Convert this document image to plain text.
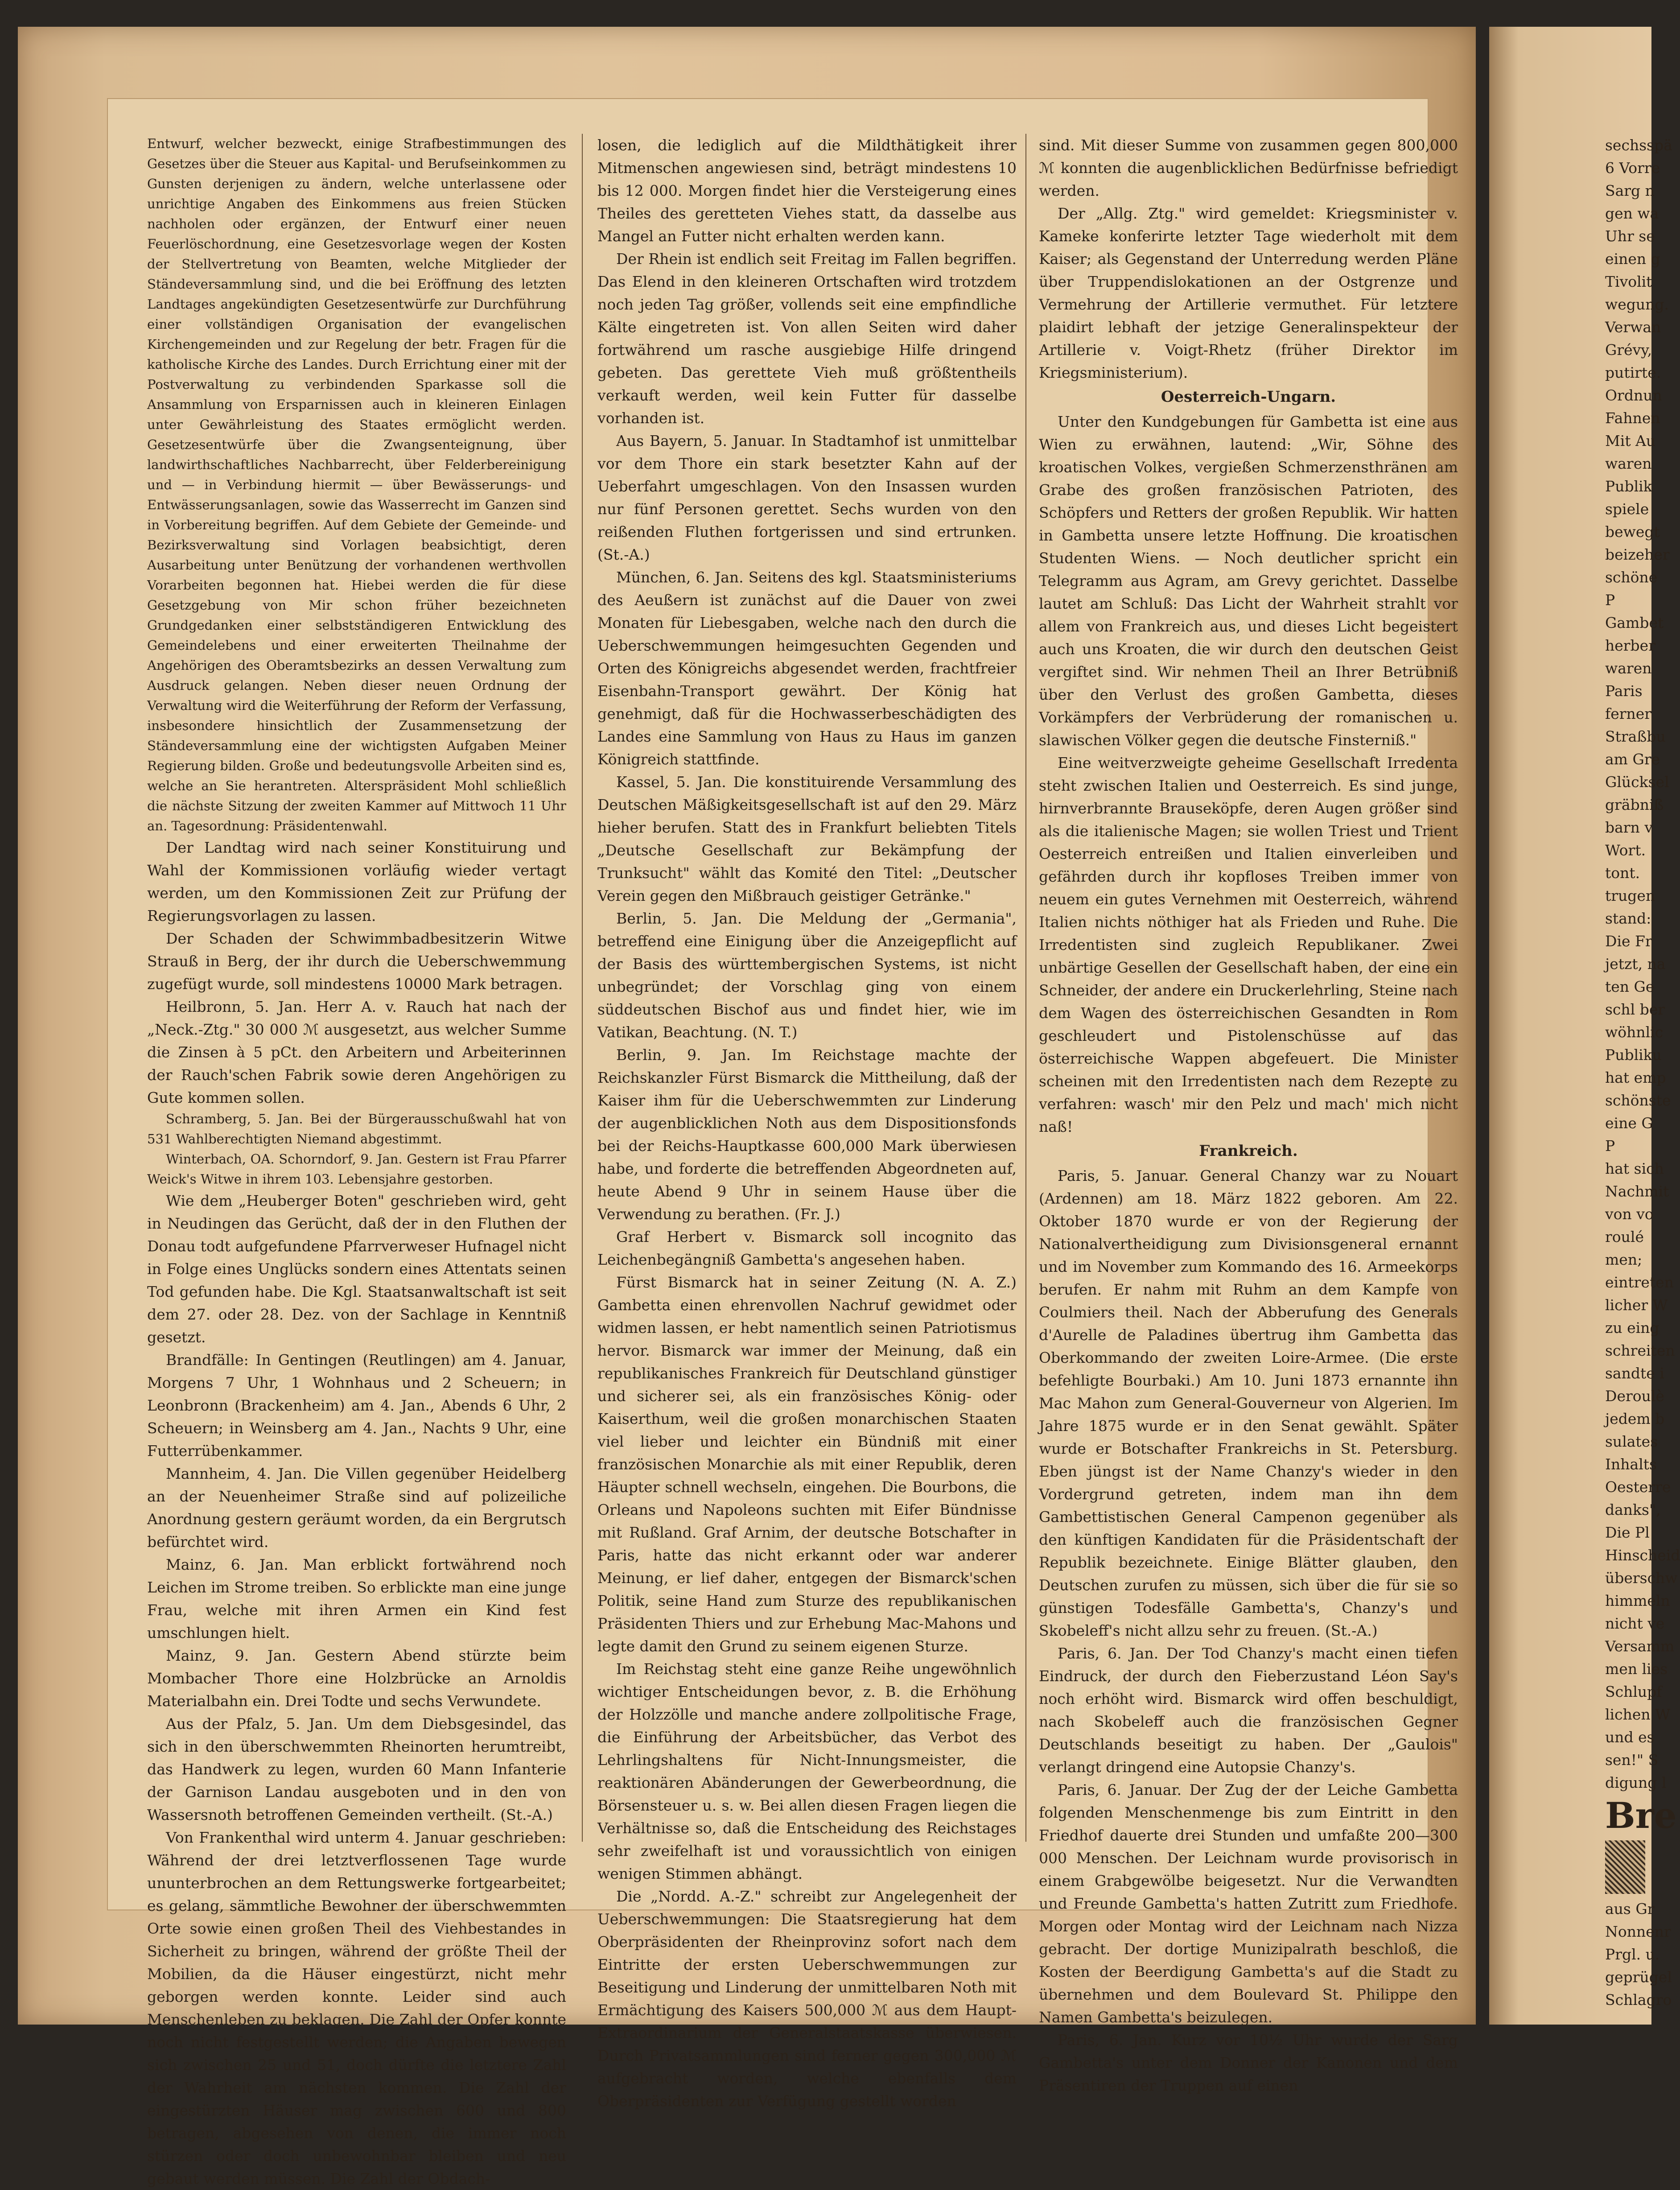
Entwurf, welcher bezweckt, einige Strafbestimmungen des Gesetzes über die Steuer aus Kapital- und Berufseinkommen zu Gunsten derjenigen zu ändern, welche unterlassene oder unrichtige Angaben des Einkommens aus freien Stücken nachholen oder ergänzen, der Entwurf einer neuen Feuerlöschordnung, eine Gesetzesvorlage wegen der Kosten der Stellvertretung von Beamten, welche Mitglieder der Ständeversammlung sind, und die bei Eröffnung des letzten Landtages angekündigten Gesetzesentwürfe zur Durchführung einer vollständigen Organisation der evangelischen Kirchengemeinden und zur Regelung der betr. Fragen für die katholische Kirche des Landes. Durch Errichtung einer mit der Postverwaltung zu verbindenden Sparkasse soll die Ansammlung von Ersparnissen auch in kleineren Einlagen unter Gewährleistung des Staates ermöglicht werden. Gesetzesentwürfe über die Zwangsenteignung, über landwirthschaftliches Nachbarrecht, über Felderbereinigung und — in Verbindung hiermit — über Bewässerungs- und Entwässerungsanlagen, sowie das Wasserrecht im Ganzen sind in Vorbereitung begriffen. Auf dem Gebiete der Gemeinde- und Bezirksverwaltung sind Vorlagen beabsichtigt, deren Ausarbeitung unter Benützung der vorhandenen werthvollen Vorarbeiten begonnen hat. Hiebei werden die für diese Gesetzgebung von Mir schon früher bezeichneten Grundgedanken einer selbstständigeren Entwicklung des Gemeindelebens und einer erweiterten Theilnahme der Angehörigen des Oberamtsbezirks an dessen Verwaltung zum Ausdruck gelangen. Neben dieser neuen Ordnung der Verwaltung wird die Weiterführung der Reform der Verfassung, insbesondere hinsichtlich der Zusammensetzung der Ständeversammlung eine der wichtigsten Aufgaben Meiner Regierung bilden. Große und bedeutungsvolle Arbeiten sind es, welche an Sie herantreten. Alterspräsident Mohl schließlich die nächste Sitzung der zweiten Kammer auf Mittwoch 11 Uhr an. Tagesordnung: Präsidentenwahl.

Der Landtag wird nach seiner Konstituirung und Wahl der Kommissionen vorläufig wieder vertagt werden, um den Kommissionen Zeit zur Prüfung der Regierungsvorlagen zu lassen.

Der Schaden der Schwimmbadbesitzerin Witwe Strauß in Berg, der ihr durch die Ueberschwemmung zugefügt wurde, soll mindestens 10000 Mark betragen.

Heilbronn, 5. Jan. Herr A. v. Rauch hat nach der „Neck.-Ztg." 30 000 ℳ ausgesetzt, aus welcher Summe die Zinsen à 5 pCt. den Arbeitern und Arbeiterinnen der Rauch'schen Fabrik sowie deren Angehörigen zu Gute kommen sollen.

Schramberg, 5. Jan. Bei der Bürgerausschußwahl hat von 531 Wahlberechtigten Niemand abgestimmt.

Winterbach, OA. Schorndorf, 9. Jan. Gestern ist Frau Pfarrer Weick's Witwe in ihrem 103. Lebensjahre gestorben.

Wie dem „Heuberger Boten" geschrieben wird, geht in Neudingen das Gerücht, daß der in den Fluthen der Donau todt aufgefundene Pfarrverweser Hufnagel nicht in Folge eines Unglücks sondern eines Attentats seinen Tod gefunden habe. Die Kgl. Staatsanwaltschaft ist seit dem 27. oder 28. Dez. von der Sachlage in Kenntniß gesetzt.

Brandfälle: In Gentingen (Reutlingen) am 4. Januar, Morgens 7 Uhr, 1 Wohnhaus und 2 Scheuern; in Leonbronn (Brackenheim) am 4. Jan., Abends 6 Uhr, 2 Scheuern; in Weinsberg am 4. Jan., Nachts 9 Uhr, eine Futterrübenkammer.

Mannheim, 4. Jan. Die Villen gegenüber Heidelberg an der Neuenheimer Straße sind auf polizeiliche Anordnung gestern geräumt worden, da ein Bergrutsch befürchtet wird.

Mainz, 6. Jan. Man erblickt fortwährend noch Leichen im Strome treiben. So erblickte man eine junge Frau, welche mit ihren Armen ein Kind fest umschlungen hielt.

Mainz, 9. Jan. Gestern Abend stürzte beim Mombacher Thore eine Holzbrücke an Arnoldis Materialbahn ein. Drei Todte und sechs Verwundete.

Aus der Pfalz, 5. Jan. Um dem Diebsgesindel, das sich in den überschwemmten Rheinorten herumtreibt, das Handwerk zu legen, wurden 60 Mann Infanterie der Garnison Landau ausgeboten und in den von Wassersnoth betroffenen Gemeinden vertheilt. (St.-A.)

Von Frankenthal wird unterm 4. Januar geschrieben: Während der drei letztverflossenen Tage wurde ununterbrochen an dem Rettungswerke fortgearbeitet; es gelang, sämmtliche Bewohner der überschwemmten Orte sowie einen großen Theil des Viehbestandes in Sicherheit zu bringen, während der größte Theil der Mobilien, da die Häuser eingestürzt, nicht mehr geborgen werden konnte. Leider sind auch Menschenleben zu beklagen. Die Zahl der Opfer konnte noch nicht festgestellt werden; die Angaben bewegen sich zwischen 25 und 51, doch dürfte die letztere Zahl der Wahrheit am nächsten kommen. Die Zahl der eingestürzten Häuser mag zwischen 600 und 800 betragen, abgesehen von denen, die immer noch stürzen oder doch unbewohnbar bleiben und neu gebaut werden müssen. Die Zahl der Obdach-

losen, die lediglich auf die Mildthätigkeit ihrer Mitmenschen angewiesen sind, beträgt mindestens 10 bis 12 000. Morgen findet hier die Versteigerung eines Theiles des geretteten Viehes statt, da dasselbe aus Mangel an Futter nicht erhalten werden kann.

Der Rhein ist endlich seit Freitag im Fallen begriffen. Das Elend in den kleineren Ortschaften wird trotzdem noch jeden Tag größer, vollends seit eine empfindliche Kälte eingetreten ist. Von allen Seiten wird daher fortwährend um rasche ausgiebige Hilfe dringend gebeten. Das gerettete Vieh muß größtentheils verkauft werden, weil kein Futter für dasselbe vorhanden ist.

Aus Bayern, 5. Januar. In Stadtamhof ist unmittelbar vor dem Thore ein stark besetzter Kahn auf der Ueberfahrt umgeschlagen. Von den Insassen wurden nur fünf Personen gerettet. Sechs wurden von den reißenden Fluthen fortgerissen und sind ertrunken. (St.-A.)

München, 6. Jan. Seitens des kgl. Staatsministeriums des Aeußern ist zunächst auf die Dauer von zwei Monaten für Liebesgaben, welche nach den durch die Ueberschwemmungen heimgesuchten Gegenden und Orten des Königreichs abgesendet werden, frachtfreier Eisenbahn-Transport gewährt. Der König hat genehmigt, daß für die Hochwasserbeschädigten des Landes eine Sammlung von Haus zu Haus im ganzen Königreich stattfinde.

Kassel, 5. Jan. Die konstituirende Versammlung des Deutschen Mäßigkeitsgesellschaft ist auf den 29. März hieher berufen. Statt des in Frankfurt beliebten Titels „Deutsche Gesellschaft zur Bekämpfung der Trunksucht" wählt das Komité den Titel: „Deutscher Verein gegen den Mißbrauch geistiger Getränke."

Berlin, 5. Jan. Die Meldung der „Germania", betreffend eine Einigung über die Anzeigepflicht auf der Basis des württembergischen Systems, ist nicht unbegründet; der Vorschlag ging von einem süddeutschen Bischof aus und findet hier, wie im Vatikan, Beachtung. (N. T.)

Berlin, 9. Jan. Im Reichstage machte der Reichskanzler Fürst Bismarck die Mittheilung, daß der Kaiser ihm für die Ueberschwemmten zur Linderung der augenblicklichen Noth aus dem Dispositionsfonds bei der Reichs-Hauptkasse 600,000 Mark überwiesen habe, und forderte die betreffenden Abgeordneten auf, heute Abend 9 Uhr in seinem Hause über die Verwendung zu berathen. (Fr. J.)

Graf Herbert v. Bismarck soll incognito das Leichenbegängniß Gambetta's angesehen haben.

Fürst Bismarck hat in seiner Zeitung (N. A. Z.) Gambetta einen ehrenvollen Nachruf gewidmet oder widmen lassen, er hebt namentlich seinen Patriotismus hervor. Bismarck war immer der Meinung, daß ein republikanisches Frankreich für Deutschland günstiger und sicherer sei, als ein französisches König- oder Kaiserthum, weil die großen monarchischen Staaten viel lieber und leichter ein Bündniß mit einer französischen Monarchie als mit einer Republik, deren Häupter schnell wechseln, eingehen. Die Bourbons, die Orleans und Napoleons suchten mit Eifer Bündnisse mit Rußland. Graf Arnim, der deutsche Botschafter in Paris, hatte das nicht erkannt oder war anderer Meinung, er lief daher, entgegen der Bismarck'schen Politik, seine Hand zum Sturze des republikanischen Präsidenten Thiers und zur Erhebung Mac-Mahons und legte damit den Grund zu seinem eigenen Sturze.

Im Reichstag steht eine ganze Reihe ungewöhnlich wichtiger Entscheidungen bevor, z. B. die Erhöhung der Holzzölle und manche andere zollpolitische Frage, die Einführung der Arbeitsbücher, das Verbot des Lehrlingshaltens für Nicht-Innungsmeister, die reaktionären Abänderungen der Gewerbeordnung, die Börsensteuer u. s. w. Bei allen diesen Fragen liegen die Verhältnisse so, daß die Entscheidung des Reichstages sehr zweifelhaft ist und voraussichtlich von einigen wenigen Stimmen abhängt.

Die „Nordd. A.-Z." schreibt zur Angelegenheit der Ueberschwemmungen: Die Staatsregierung hat dem Oberpräsidenten der Rheinprovinz sofort nach dem Eintritte der ersten Ueberschwemmungen zur Beseitigung und Linderung der unmittelbaren Noth mit Ermächtigung des Kaisers 500,000 ℳ aus dem Haupt-Extraordinarium der Generalstaatskasse überwiesen. Durch Privatsammlungen sind ferner gegen 300,000 ℳ aufgebracht worden, welche ebenfalls dem Oberpräsidenten zur Verfügung gestellt worden

sind. Mit dieser Summe von zusammen gegen 800,000 ℳ konnten die augenblicklichen Bedürfnisse befriedigt werden.

Der „Allg. Ztg." wird gemeldet: Kriegsminister v. Kameke konferirte letzter Tage wiederholt mit dem Kaiser; als Gegenstand der Unterredung werden Pläne über Truppendislokationen an der Ostgrenze und Vermehrung der Artillerie vermuthet. Für letztere plaidirt lebhaft der jetzige Generalinspekteur der Artillerie v. Voigt-Rhetz (früher Direktor im Kriegsministerium).

Oesterreich-Ungarn.

Unter den Kundgebungen für Gambetta ist eine aus Wien zu erwähnen, lautend: „Wir, Söhne des kroatischen Volkes, vergießen Schmerzensthränen am Grabe des großen französischen Patrioten, des Schöpfers und Retters der großen Republik. Wir hatten in Gambetta unsere letzte Hoffnung. Die kroatischen Studenten Wiens. — Noch deutlicher spricht ein Telegramm aus Agram, am Grevy gerichtet. Dasselbe lautet am Schluß: Das Licht der Wahrheit strahlt vor allem von Frankreich aus, und dieses Licht begeistert auch uns Kroaten, die wir durch den deutschen Geist vergiftet sind. Wir nehmen Theil an Ihrer Betrübniß über den Verlust des großen Gambetta, dieses Vorkämpfers der Verbrüderung der romanischen u. slawischen Völker gegen die deutsche Finsterniß."

Eine weitverzweigte geheime Gesellschaft Irredenta steht zwischen Italien und Oesterreich. Es sind junge, hirnverbrannte Brauseköpfe, deren Augen größer sind als die italienische Magen; sie wollen Triest und Trient Oesterreich entreißen und Italien einverleiben und gefährden durch ihr kopfloses Treiben immer von neuem ein gutes Vernehmen mit Oesterreich, während Italien nichts nöthiger hat als Frieden und Ruhe. Die Irredentisten sind zugleich Republikaner. Zwei unbärtige Gesellen der Gesellschaft haben, der eine ein Schneider, der andere ein Druckerlehrling, Steine nach dem Wagen des österreichischen Gesandten in Rom geschleudert und Pistolenschüsse auf das österreichische Wappen abgefeuert. Die Minister scheinen mit den Irredentisten nach dem Rezepte zu verfahren: wasch' mir den Pelz und mach' mich nicht naß!

Frankreich.

Paris, 5. Januar. General Chanzy war zu Nouart (Ardennen) am 18. März 1822 geboren. Am 22. Oktober 1870 wurde er von der Regierung der Nationalvertheidigung zum Divisionsgeneral ernannt und im November zum Kommando des 16. Armeekorps berufen. Er nahm mit Ruhm an dem Kampfe von Coulmiers theil. Nach der Abberufung des Generals d'Aurelle de Paladines übertrug ihm Gambetta das Oberkommando der zweiten Loire-Armee. (Die erste befehligte Bourbaki.) Am 10. Juni 1873 ernannte ihn Mac Mahon zum General-Gouverneur von Algerien. Im Jahre 1875 wurde er in den Senat gewählt. Später wurde er Botschafter Frankreichs in St. Petersburg. Eben jüngst ist der Name Chanzy's wieder in den Vordergrund getreten, indem man ihn dem Gambettistischen General Campenon gegenüber als den künftigen Kandidaten für die Präsidentschaft der Republik bezeichnete. Einige Blätter glauben, den Deutschen zurufen zu müssen, sich über die für sie so günstigen Todesfälle Gambetta's, Chanzy's und Skobeleff's nicht allzu sehr zu freuen. (St.-A.)

Paris, 6. Jan. Der Tod Chanzy's macht einen tiefen Eindruck, der durch den Fieberzustand Léon Say's noch erhöht wird. Bismarck wird offen beschuldigt, nach Skobeleff auch die französischen Gegner Deutschlands beseitigt zu haben. Der „Gaulois" verlangt dringend eine Autopsie Chanzy's.

Paris, 6. Januar. Der Zug der der Leiche Gambetta folgenden Menschenmenge bis zum Eintritt in den Friedhof dauerte drei Stunden und umfaßte 200—300 000 Menschen. Der Leichnam wurde provisorisch in einem Grabgewölbe beigesetzt. Nur die Verwandten und Freunde Gambetta's hatten Zutritt zum Friedhofe. Morgen oder Montag wird der Leichnam nach Nizza gebracht. Der dortige Munizipalrath beschloß, die Kosten der Beerdigung Gambetta's auf die Stadt zu übernehmen und dem Boulevard St. Philippe den Namen Gambetta's beizulegen.

Paris, 6. Jan. Kurz vor 10½ Uhr wurde der Sarg Gambetta's unter dem Donner der Kanonen und dem Präsentiren der Truppen auf einen

sechsspä
6 Vorre
Sarg n
gen wa
Uhr se
einen g
Tivolit
wegung.
Verwan
Grévy,
putirte.
Ordnun
Fahnen
Mit Au
waren
Publik
spiele
bewegt
beizeher
schöne
P
Gambet
herber
waren
Paris
ferner
Straßbu
am Gre
Glücksel
gräbniß
barn v
Wort.
tont.
trugen
stand:
Die Fr
jetzt, na
ten Ge
schl ber
wöhnlic
Publiku
hat emp
schönste
eine G
P
hat sich
Nachmit
von vo
roulé
men;
eintreten
licher W
zu eing
schreiten
sandte i
Deroulè
jedem b
sulates
Inhalts
Oesterre
danks",
Die Pl
Hinscheid
überschw
himmeln
nicht ve
Versamm
men lies
Schlupf
lichen W
und es
sen!" S
digung l
Bre
aus Gr
Nonnenr
Prgl. u.
geprügel
Schlagro
